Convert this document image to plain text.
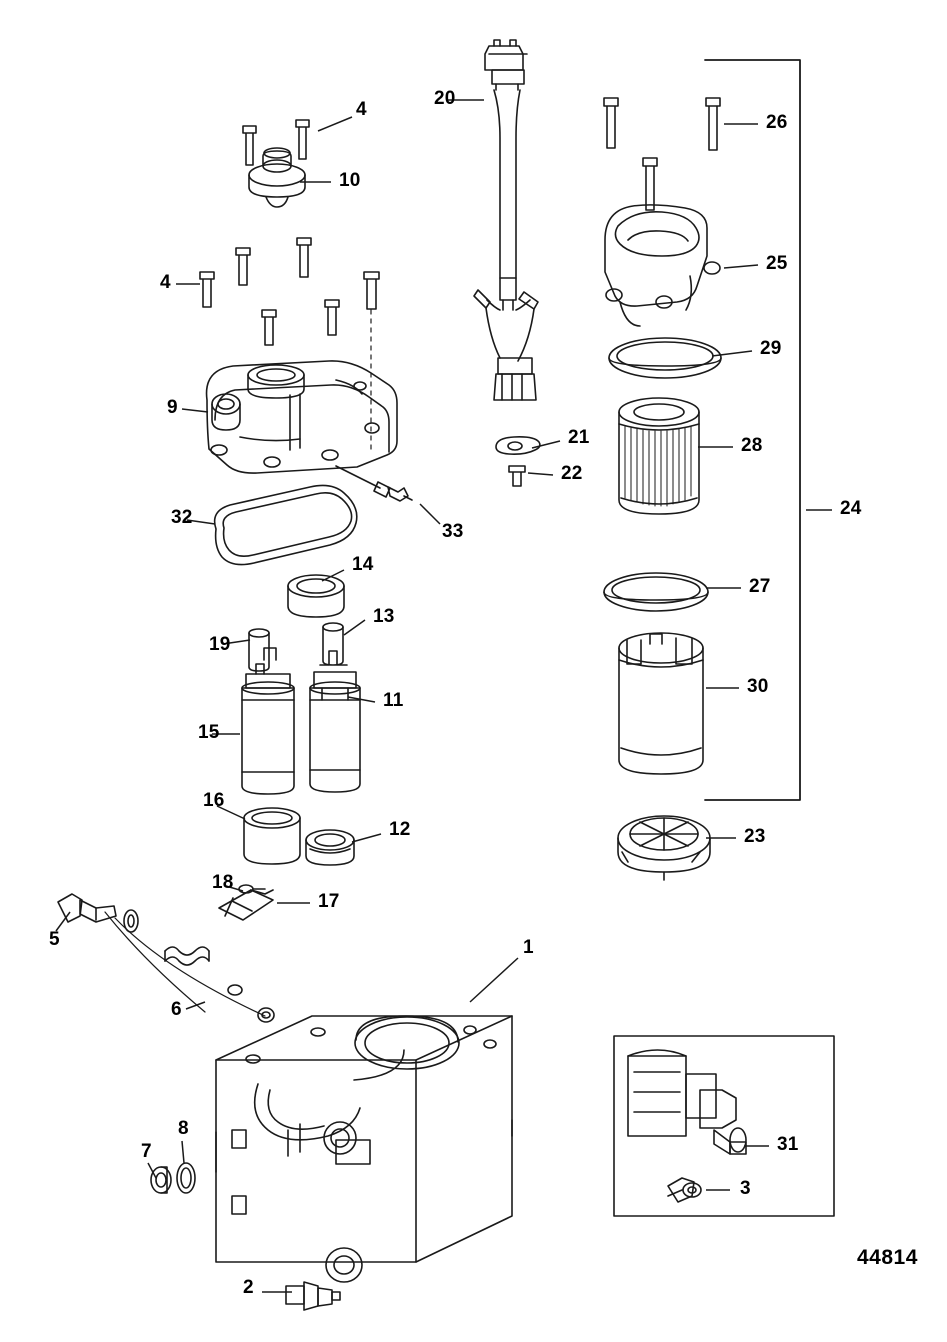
1
2
3
4
4
5
6
7
8
9
10
11
12
13
14
15
16
17
18
19
20
21
22
23
24
25
26
27
28
29
30
31
32
33
44814
